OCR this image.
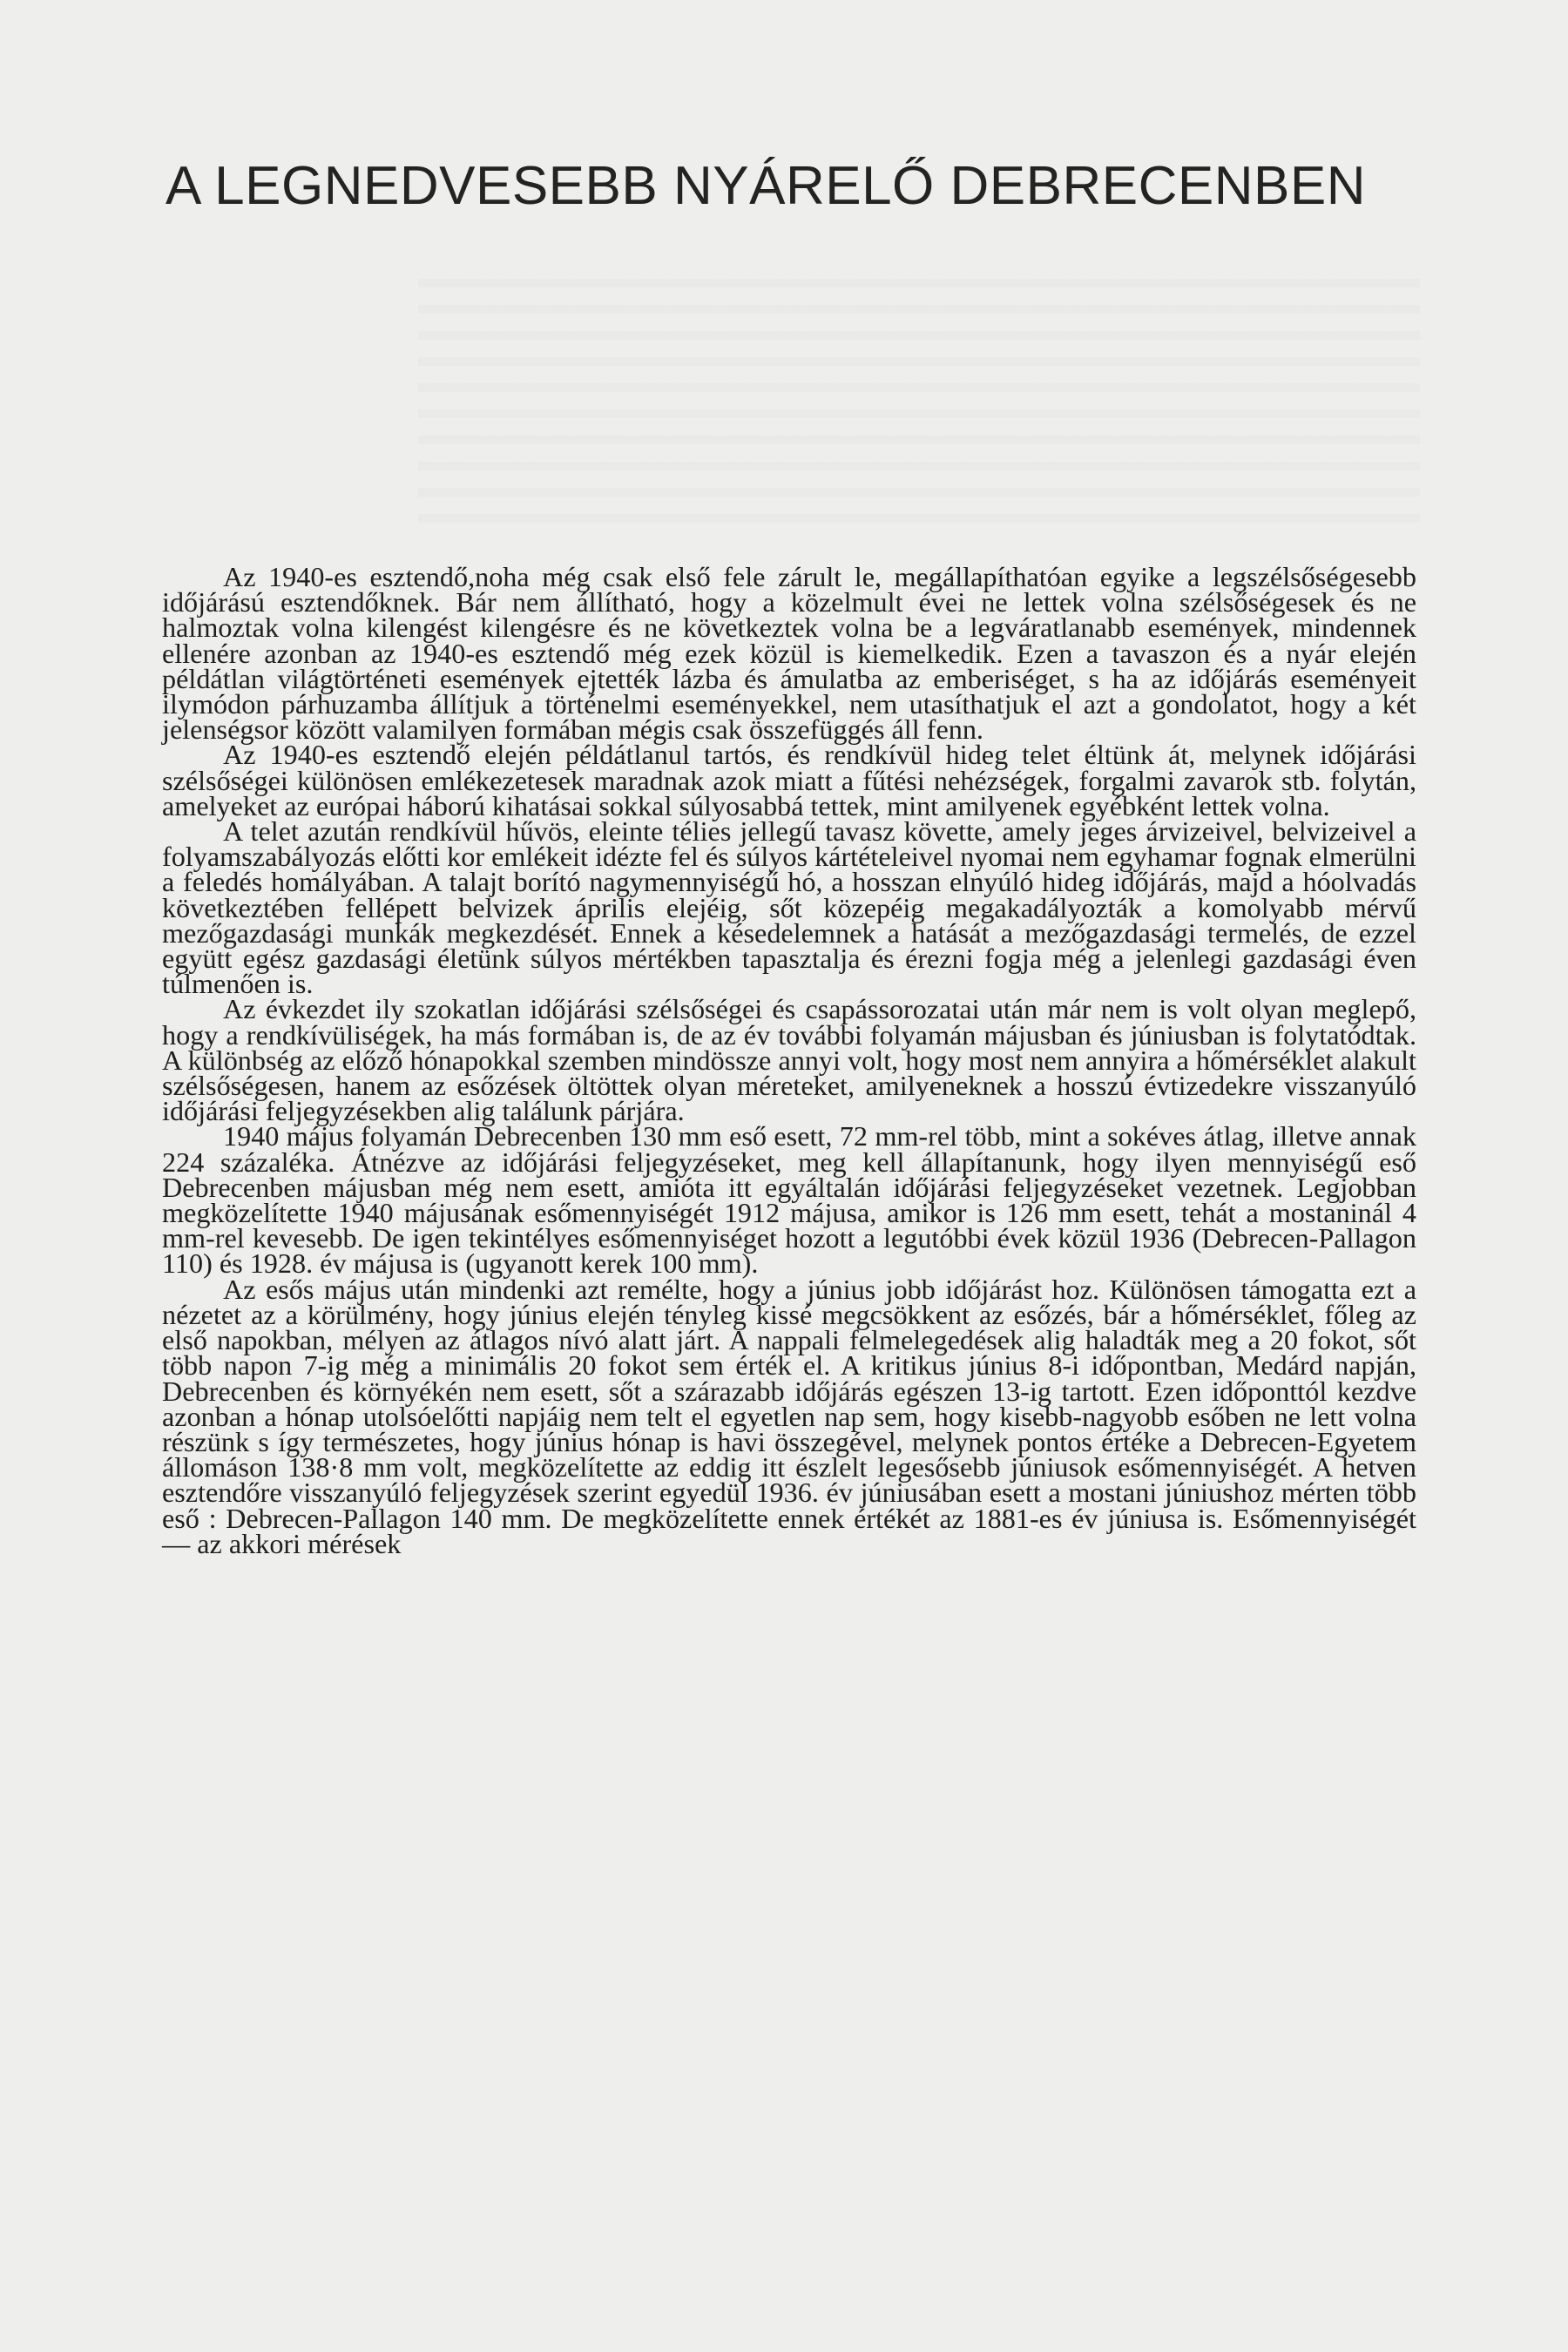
A LEGNEDVESEBB NYÁRELŐ DEBRECENBEN

Az 1940-es esztendő,noha még csak első fele zárult le, megállapíthatóan egyike a legszélsőségesebb időjárású esztendőknek. Bár nem állítható, hogy a közelmult évei ne lettek volna szélsőségesek és ne halmoztak volna kilengést kilengésre és ne következtek volna be a legváratlanabb események, mindennek ellenére azonban az 1940-es esztendő még ezek közül is kiemelkedik. Ezen a tavaszon és a nyár elején példátlan világtörténeti események ejtették lázba és ámulatba az emberiséget, s ha az időjárás eseményeit ilymódon párhuzamba állítjuk a történelmi eseményekkel, nem utasíthatjuk el azt a gondolatot, hogy a két jelenségsor között valamilyen formában mégis csak összefüggés áll fenn.

Az 1940-es esztendő elején példátlanul tartós, és rendkívül hideg telet éltünk át, melynek időjárási szélsőségei különösen emlékezetesek maradnak azok miatt a fűtési nehézségek, forgalmi zavarok stb. folytán, amelyeket az európai háború kihatásai sokkal súlyosabbá tettek, mint amilyenek egyébként lettek volna.

A telet azután rendkívül hűvös, eleinte télies jellegű tavasz követte, amely jeges árvizeivel, belvizeivel a folyamszabályozás előtti kor emlékeit idézte fel és súlyos kártételeivel nyomai nem egyhamar fognak elmerülni a feledés homályában. A talajt borító nagymennyiségű hó, a hosszan elnyúló hideg időjárás, majd a hóolvadás következtében fellépett belvizek április elejéig, sőt közepéig megakadályozták a komolyabb mérvű mezőgazdasági munkák megkezdését. Ennek a késedelemnek a hatását a mezőgazdasági termelés, de ezzel együtt egész gazdasági életünk súlyos mértékben tapasztalja és érezni fogja még a jelenlegi gazdasági éven túlmenően is.

Az évkezdet ily szokatlan időjárási szélsőségei és csapássorozatai után már nem is volt olyan meglepő, hogy a rendkívüliségek, ha más formában is, de az év további folyamán májusban és júniusban is folytatódtak. A különbség az előző hónapokkal szemben mindössze annyi volt, hogy most nem annyira a hőmérséklet alakult szélsőségesen, hanem az esőzések öltöttek olyan méreteket, amilyeneknek a hosszú évtizedekre visszanyúló időjárási feljegyzésekben alig találunk párjára.

1940 május folyamán Debrecenben 130 mm eső esett, 72 mm-rel több, mint a sokéves átlag, illetve annak 224 százaléka. Átnézve az időjárási feljegyzéseket, meg kell állapítanunk, hogy ilyen mennyiségű eső Debrecenben májusban még nem esett, amióta itt egyáltalán időjárási feljegyzéseket vezetnek. Legjobban megközelítette 1940 májusának esőmennyiségét 1912 májusa, amikor is 126 mm esett, tehát a mostaninál 4 mm-rel kevesebb. De igen tekintélyes esőmennyiséget hozott a legutóbbi évek közül 1936 (Debrecen-Pallagon 110) és 1928. év májusa is (ugyanott kerek 100 mm).

Az esős május után mindenki azt remélte, hogy a június jobb időjárást hoz. Különösen támogatta ezt a nézetet az a körülmény, hogy június elején tényleg kissé megcsökkent az esőzés, bár a hőmérséklet, főleg az első napokban, mélyen az átlagos nívó alatt járt. A nappali felmelegedések alig haladták meg a 20 fokot, sőt több napon 7-ig még a minimális 20 fokot sem érték el. A kritikus június 8-i időpontban, Medárd napján, Debrecenben és környékén nem esett, sőt a szárazabb időjárás egészen 13-ig tartott. Ezen időponttól kezdve azonban a hónap utolsóelőtti napjáig nem telt el egyetlen nap sem, hogy kisebb-nagyobb esőben ne lett volna részünk s így természetes, hogy június hónap is havi összegével, melynek pontos értéke a Debrecen-Egyetem állomáson 138·8 mm volt, megközelítette az eddig itt észlelt legesősebb júniusok esőmennyiségét. A hetven esztendőre visszanyúló feljegyzések szerint egyedül 1936. év júniusában esett a mostani júniushoz mérten több eső : Debrecen-Pallagon 140 mm. De megközelítette ennek értékét az 1881-es év júniusa is. Esőmennyiségét — az akkori mérések
